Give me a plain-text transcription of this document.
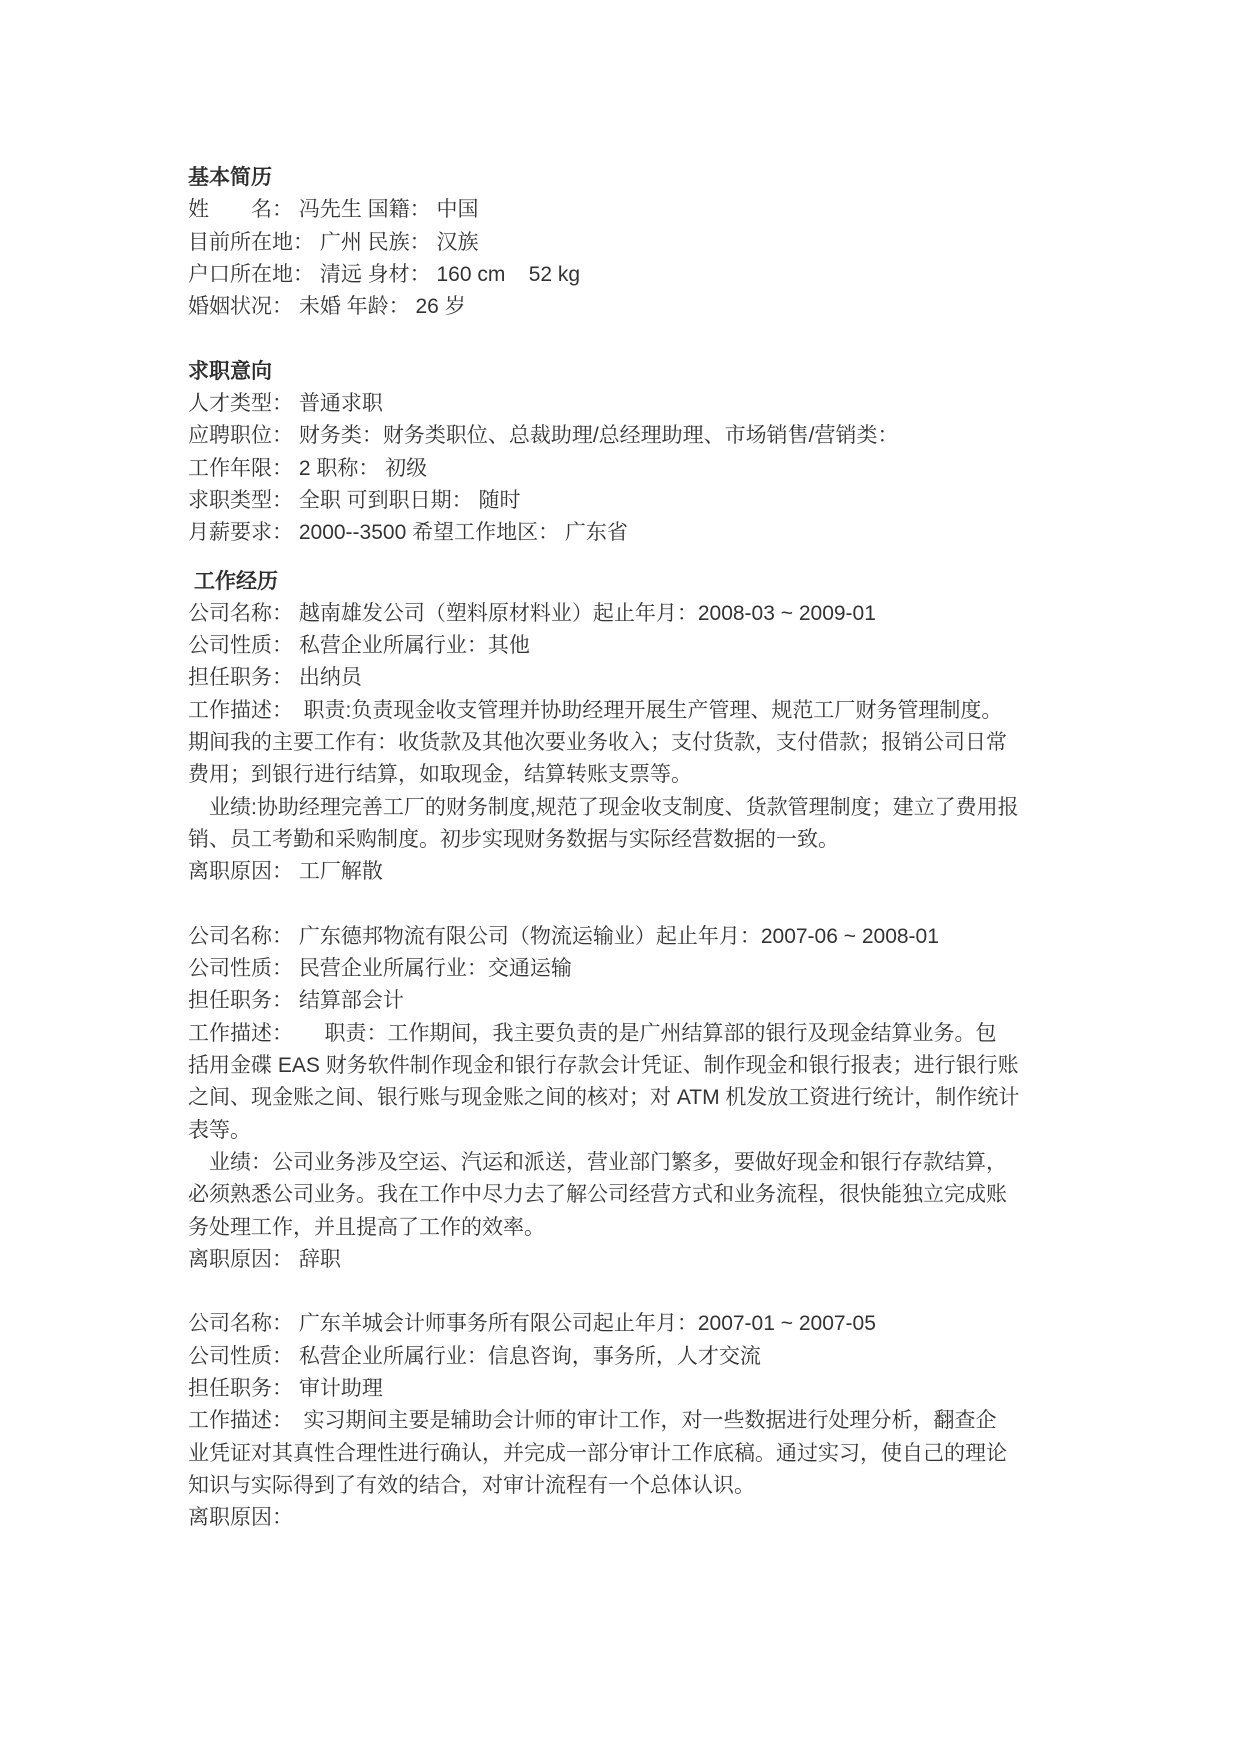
基本简历
姓　　名： 冯先生 国籍： 中国
目前所在地： 广州 民族： 汉族
户口所在地： 清远 身材： 160 cm    52 kg
婚姻状况： 未婚 年龄： 26 岁
求职意向
人才类型： 普通求职
应聘职位： 财务类：财务类职位、总裁助理/总经理助理、市场销售/营销类：
工作年限： 2 职称： 初级
求职类型： 全职 可到职日期： 随时
月薪要求： 2000--3500 希望工作地区： 广东省
工作经历
公司名称： 越南雄发公司（塑料原材料业）起止年月：2008-03 ~ 2009-01
公司性质： 私营企业所属行业：其他
担任职务： 出纳员
工作描述：　职责:负责现金收支管理并协助经理开展生产管理、规范工厂财务管理制度。
期间我的主要工作有：收货款及其他次要业务收入；支付货款，支付借款；报销公司日常
费用；到银行进行结算，如取现金，结算转账支票等。
　业绩:协助经理完善工厂的财务制度,规范了现金收支制度、货款管理制度；建立了费用报
销、员工考勤和采购制度。初步实现财务数据与实际经营数据的一致。
离职原因： 工厂解散
公司名称： 广东德邦物流有限公司（物流运输业）起止年月：2007-06 ~ 2008-01
公司性质： 民营企业所属行业：交通运输
担任职务： 结算部会计
工作描述：　　职责：工作期间，我主要负责的是广州结算部的银行及现金结算业务。包
括用金碟 EAS 财务软件制作现金和银行存款会计凭证、制作现金和银行报表；进行银行账
之间、现金账之间、银行账与现金账之间的核对；对 ATM 机发放工资进行统计，制作统计
表等。
　业绩：公司业务涉及空运、汽运和派送，营业部门繁多，要做好现金和银行存款结算，
必须熟悉公司业务。我在工作中尽力去了解公司经营方式和业务流程，很快能独立完成账
务处理工作，并且提高了工作的效率。
离职原因： 辞职
公司名称： 广东羊城会计师事务所有限公司起止年月：2007-01 ~ 2007-05
公司性质： 私营企业所属行业：信息咨询，事务所，人才交流
担任职务： 审计助理
工作描述：　实习期间主要是辅助会计师的审计工作，对一些数据进行处理分析，翻查企
业凭证对其真性合理性进行确认，并完成一部分审计工作底稿。通过实习，使自己的理论
知识与实际得到了有效的结合，对审计流程有一个总体认识。
离职原因：
